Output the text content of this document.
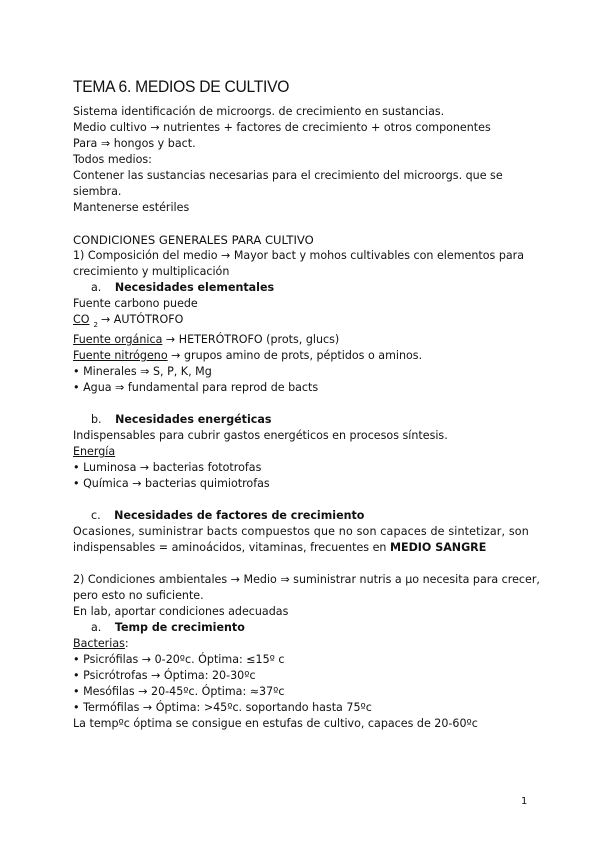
TEMA 6. MEDIOS DE CULTIVO
Sistema identificación de microorgs. de crecimiento en sustancias.
Medio cultivo → nutrientes + factores de crecimiento + otros componentes
Para ⇒ hongos y bact.
Todos medios:
Contener las sustancias necesarias para el crecimiento del microorgs. que se
siembra.
Mantenerse estériles
CONDICIONES GENERALES PARA CULTIVO
1) Composición del medio → Mayor bact y mohos cultivables con elementos para
crecimiento y multiplicación
a. Necesidades elementales
Fuente carbono puede
CO $_2$ → AUTÓTROFO
Fuente orgánica → HETERÓTROFO (prots, glucs)
Fuente nitrógeno → grupos amino de prots, péptidos o aminos.
• Minerales ⇒ S, P, K, Mg
• Agua ⇒ fundamental para reprod de bacts
b. Necesidades energéticas
Indispensables para cubrir gastos energéticos en procesos síntesis.
Energía
• Luminosa → bacterias fototrofas
• Química → bacterias quimiotrofas
c. Necesidades de factores de crecimiento
Ocasiones, suministrar bacts compuestos que no son capaces de sintetizar, son
indispensables = aminoácidos, vitaminas, frecuentes en MEDIO SANGRE
2) Condiciones ambientales → Medio ⇒ suministrar nutris a µo necesita para crecer,
pero esto no suficiente.
En lab, aportar condiciones adecuadas
a. Temp de crecimiento
Bacterias:
• Psicrófilas → 0-20ºc. Óptima: ≤15º c
• Psicrótrofas → Óptima: 20-30ºc
• Mesófilas → 20-45ºc. Óptima: ≈37ºc
• Termófilas → Óptima: >45ºc. soportando hasta 75ºc
La tempºc óptima se consigue en estufas de cultivo, capaces de 20-60ºc
1
